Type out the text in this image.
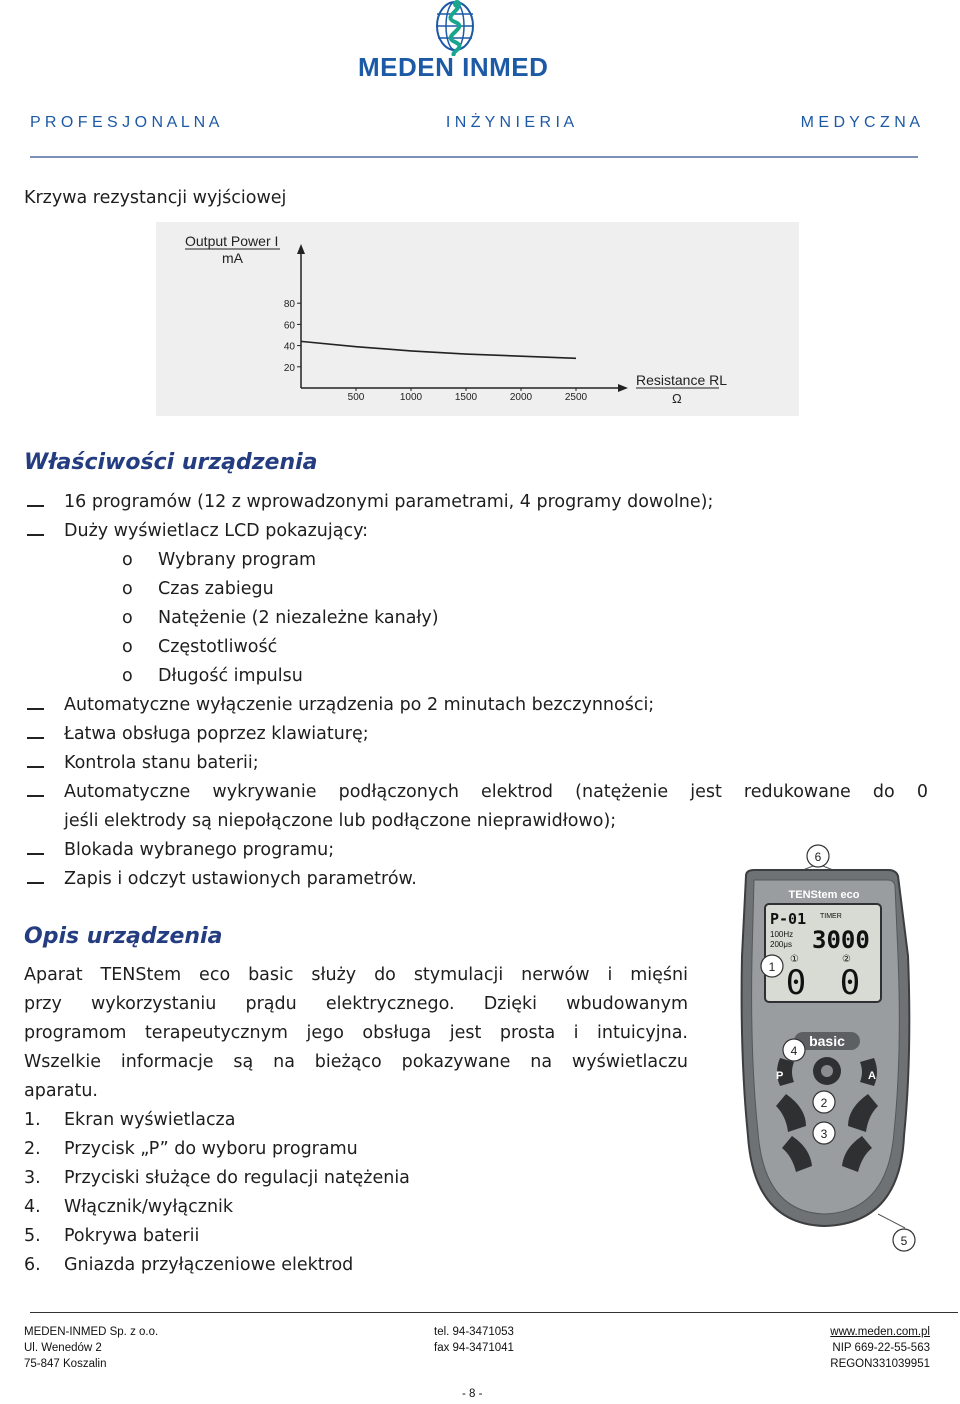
MEDEN INMED
P R O F E S J O N A L N A	I N Ż Y N I E R I A	M E D Y C Z N A
Krzywa rezystancji wyjściowej
Output Power I
mA
Resistance RL
Ω
80
60
40
20
500	1000	1500	2000	2500
Właściwości urządzenia
16 programów (12 z wprowadzonymi parametrami, 4 programy dowolne);
Duży wyświetlacz LCD pokazujący:
o Wybrany program
o Czas zabiegu
o Natężenie (2 niezależne kanały)
o Częstotliwość
o Długość impulsu
Automatyczne wyłączenie urządzenia po 2 minutach bezczynności;
Łatwa obsługa poprzez klawiaturę;
Kontrola stanu baterii;
Automatyczne wykrywanie podłączonych elektrod (natężenie jest redukowane do 0
jeśli elektrody są niepołączone lub podłączone nieprawidłowo);
Blokada wybranego programu;
Zapis i odczyt ustawionych parametrów.
Opis urządzenia
Aparat TENStem eco basic służy do stymulacji nerwów i mięśni
przy wykorzystaniu prądu elektrycznego. Dzięki wbudowanym
programom terapeutycznym jego obsługa jest prosta i intuicyjna.
Wszelkie informacje są na bieżąco pokazywane na wyświetlaczu
aparatu.
1. Ekran wyświetlacza
2. Przycisk „P” do wyboru programu
3. Przyciski służące do regulacji natężenia
4. Włącznik/wyłącznik
5. Pokrywa baterii
6. Gniazda przyłączeniowe elektrod
TENStem eco
P-01 TIMER
100Hz
200μs 3000
①	②
0 0
basic
P	A
6
1
4
2
3
5
MEDEN-INMED Sp. z o.o.
Ul. Wenedów 2
75-847 Koszalin
tel. 94-3471053
fax 94-3471041
www.meden.com.pl
NIP 669-22-55-563
REGON331039951
- 8 -
